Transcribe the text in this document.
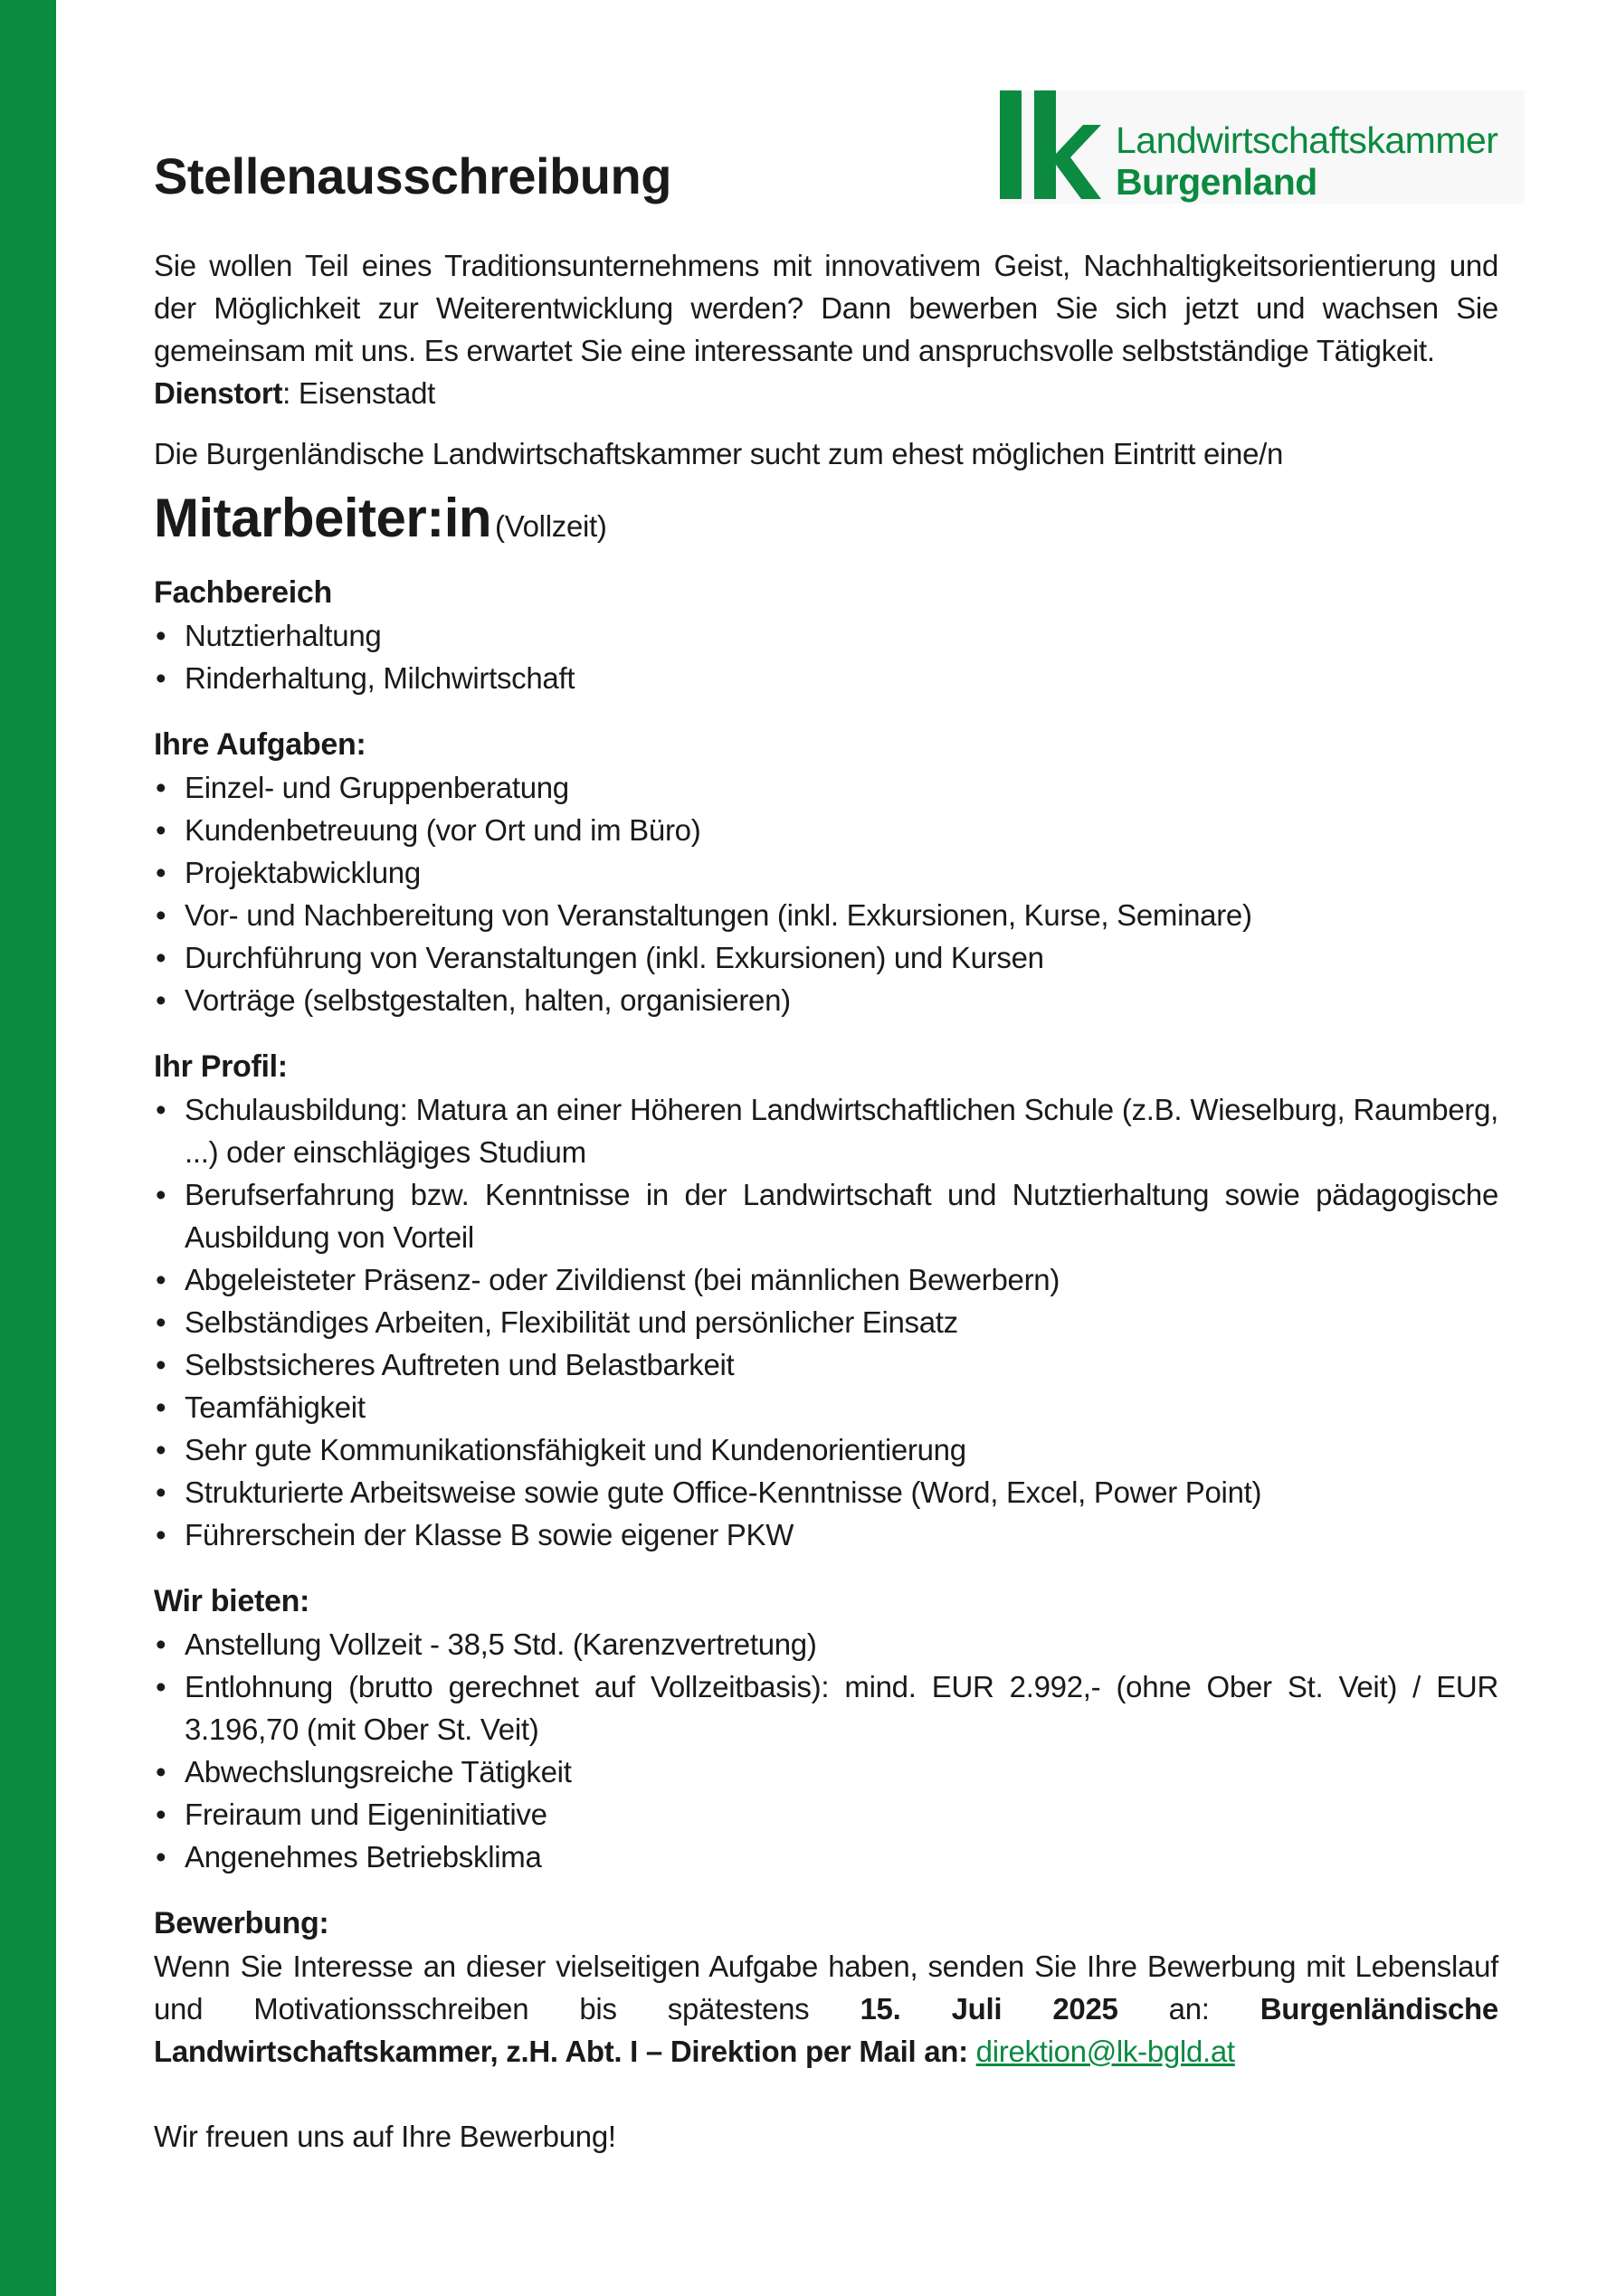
Landwirtschaftskammer
Burgenland
Stellenausschreibung

Sie wollen Teil eines Traditionsunternehmens mit innovativem Geist, Nachhaltigkeitsorientierung und der Möglichkeit zur Weiterentwicklung werden? Dann bewerben Sie sich jetzt und wachsen Sie gemeinsam mit uns. Es erwartet Sie eine interessante und anspruchsvolle selbstständige Tätigkeit.

Dienstort: Eisenstadt

Die Burgenländische Landwirtschaftskammer sucht zum ehest möglichen Eintritt eine/n

Mitarbeiter:in (Vollzeit)
Fachbereich
• Nutztierhaltung
• Rinderhaltung, Milchwirtschaft
Ihre Aufgaben:
• Einzel- und Gruppenberatung
• Kundenbetreuung (vor Ort und im Büro)
• Projektabwicklung
• Vor- und Nachbereitung von Veranstaltungen (inkl. Exkursionen, Kurse, Seminare)
• Durchführung von Veranstaltungen (inkl. Exkursionen) und Kursen
• Vorträge (selbstgestalten, halten, organisieren)
Ihr Profil:
• Schulausbildung: Matura an einer Höheren Landwirtschaftlichen Schule (z.B. Wieselburg, Raumberg, ...) oder einschlägiges Studium
• Berufserfahrung bzw. Kenntnisse in der Landwirtschaft und Nutztierhaltung sowie pädagogische Ausbildung von Vorteil
• Abgeleisteter Präsenz- oder Zivildienst (bei männlichen Bewerbern)
• Selbständiges Arbeiten, Flexibilität und persönlicher Einsatz
• Selbstsicheres Auftreten und Belastbarkeit
• Teamfähigkeit
• Sehr gute Kommunikationsfähigkeit und Kundenorientierung
• Strukturierte Arbeitsweise sowie gute Office-Kenntnisse (Word, Excel, Power Point)
• Führerschein der Klasse B sowie eigener PKW
Wir bieten:
• Anstellung Vollzeit - 38,5 Std. (Karenzvertretung)
• Entlohnung (brutto gerechnet auf Vollzeitbasis): mind. EUR 2.992,- (ohne Ober St. Veit) / EUR 3.196,70 (mit Ober St. Veit)
• Abwechslungsreiche Tätigkeit
• Freiraum und Eigeninitiative
• Angenehmes Betriebsklima
Bewerbung:

Wenn Sie Interesse an dieser vielseitigen Aufgabe haben, senden Sie Ihre Bewerbung mit Lebenslauf und Motivationsschreiben bis spätestens 15. Juli 2025 an: Burgenländische Landwirtschaftskammer, z.H. Abt. I – Direktion per Mail an: direktion@lk-bgld.at

Wir freuen uns auf Ihre Bewerbung!
